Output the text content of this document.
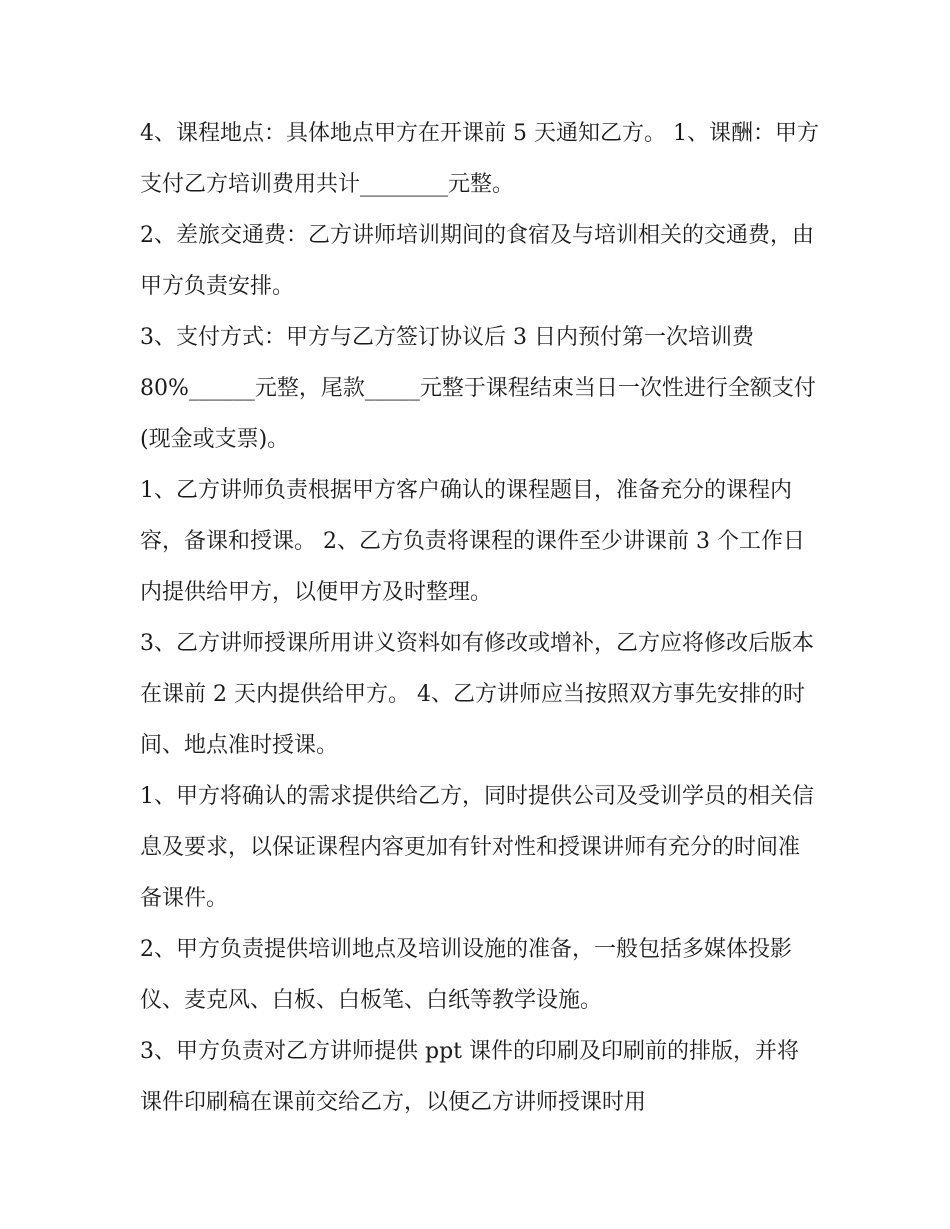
4、课程地点：具体地点甲方在开课前 5 天通知乙方。 1、课酬：甲方支付乙方培训费用共计________元整。

2、差旅交通费：乙方讲师培训期间的食宿及与培训相关的交通费，由甲方负责安排。

3、支付方式：甲方与乙方签订协议后 3 日内预付第一次培训费 80%______元整，尾款_____元整于课程结束当日一次性进行全额支付(现金或支票)。

1、乙方讲师负责根据甲方客户确认的课程题目，准备充分的课程内容，备课和授课。 2、乙方负责将课程的课件至少讲课前 3 个工作日内提供给甲方，以便甲方及时整理。

3、乙方讲师授课所用讲义资料如有修改或增补，乙方应将修改后版本在课前 2 天内提供给甲方。 4、乙方讲师应当按照双方事先安排的时间、地点准时授课。

1、甲方将确认的需求提供给乙方，同时提供公司及受训学员的相关信息及要求，以保证课程内容更加有针对性和授课讲师有充分的时间准备课件。

2、甲方负责提供培训地点及培训设施的准备，一般包括多媒体投影仪、麦克风、白板、白板笔、白纸等教学设施。

3、甲方负责对乙方讲师提供 ppt 课件的印刷及印刷前的排版，并将课件印刷稿在课前交给乙方，以便乙方讲师授课时用
